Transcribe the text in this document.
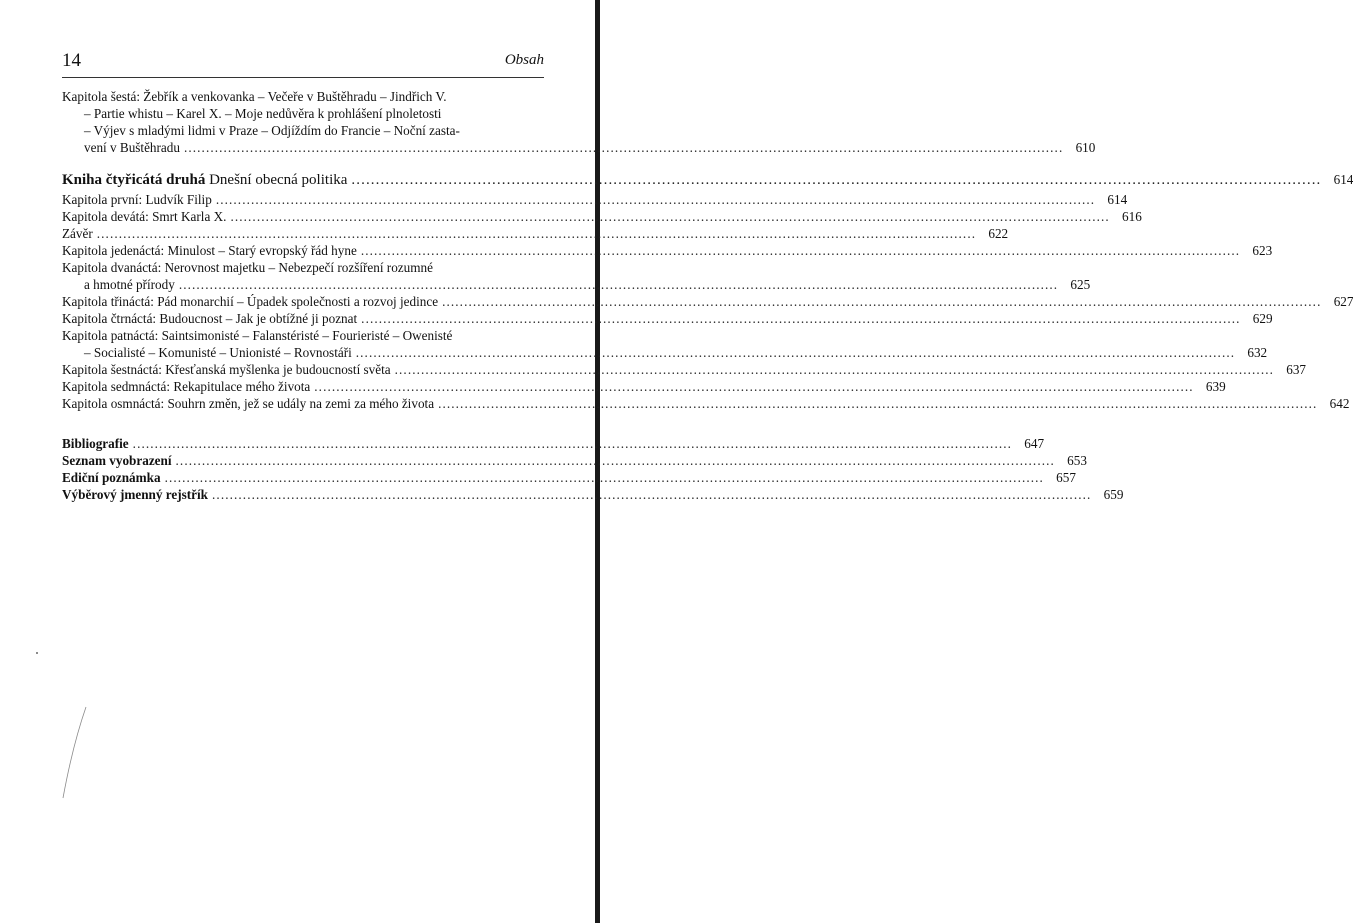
14	Obsah
Kapitola šestá: Žebřík a venkovanka – Večeře v Buštěhradu – Jindřich V.
– Partie whistu – Karel X. – Moje nedůvěra k prohlášení plnoletosti
– Výjev s mladými lidmi v Praze – Odjíždím do Francie – Noční zasta-
vení v Buštěhradu ........................................................................................................................................................................................................ 610
Kniha čtyřicátá druhá
Dnešní obecná politika ........................................................................................................................................................................................................ 614
Kapitola první: Ludvík Filip ........................................................................................................................................................................................................ 614
Kapitola devátá: Smrt Karla X. ........................................................................................................................................................................................................ 616
Závěr ........................................................................................................................................................................................................ 622
Kapitola jedenáctá: Minulost – Starý evropský řád hyne ........................................................................................................................................................................................................ 623
Kapitola dvanáctá: Nerovnost majetku – Nebezpečí rozšíření rozumné
a hmotné přírody ........................................................................................................................................................................................................ 625
Kapitola třináctá: Pád monarchií – Úpadek společnosti a rozvoj jedince ........................................................................................................................................................................................................ 627
Kapitola čtrnáctá: Budoucnost – Jak je obtížné ji poznat ........................................................................................................................................................................................................ 629
Kapitola patnáctá: Saintsimonisté – Falanstéristé – Fourieristé – Owenisté
– Socialisté – Komunisté – Unionisté – Rovnostáři ........................................................................................................................................................................................................ 632
Kapitola šestnáctá: Křesťanská myšlenka je budoucností světa ........................................................................................................................................................................................................ 637
Kapitola sedmnáctá: Rekapitulace mého života ........................................................................................................................................................................................................ 639
Kapitola osmnáctá: Souhrn změn, jež se udály na zemi za mého života ........................................................................................................................................................................................................ 642
Bibliografie ........................................................................................................................................................................................................ 647
Seznam vyobrazení ........................................................................................................................................................................................................ 653
Ediční poznámka ........................................................................................................................................................................................................ 657
Výběrový jmenný rejstřík ........................................................................................................................................................................................................ 659
